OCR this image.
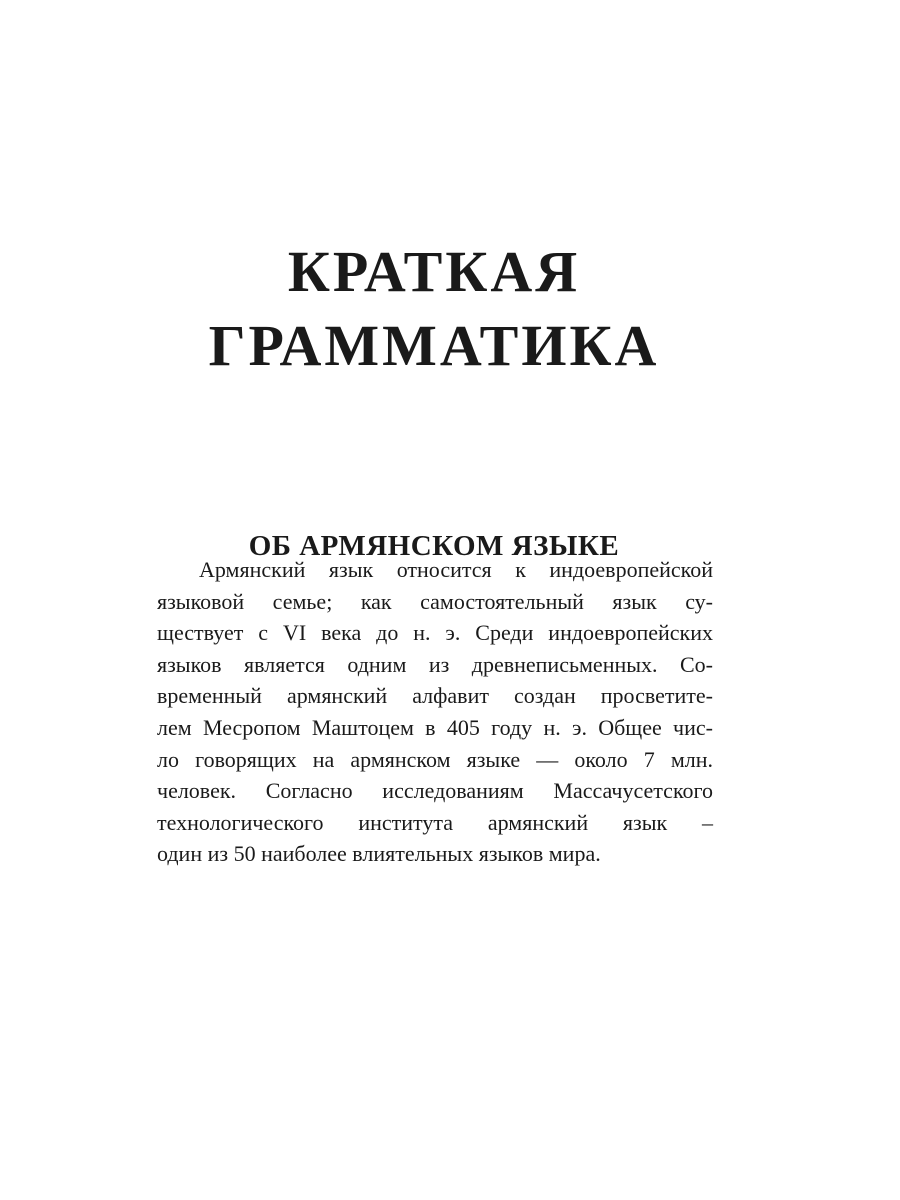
КРАТКАЯ
ГРАММАТИКА
ОБ АРМЯНСКОМ ЯЗЫКЕ
Армянский язык относится к индоевропейской
языковой семье; как самостоятельный язык су-
ществует с VI века до н. э. Среди индоевропейских
языков является одним из древнеписьменных. Со-
временный армянский алфавит создан просветите-
лем Месропом Маштоцем в 405 году н. э. Общее чис-
ло говорящих на армянском языке — около 7 млн.
человек. Согласно исследованиям Массачусетского
технологического института армянский язык –
один из 50 наиболее влиятельных языков мира.
